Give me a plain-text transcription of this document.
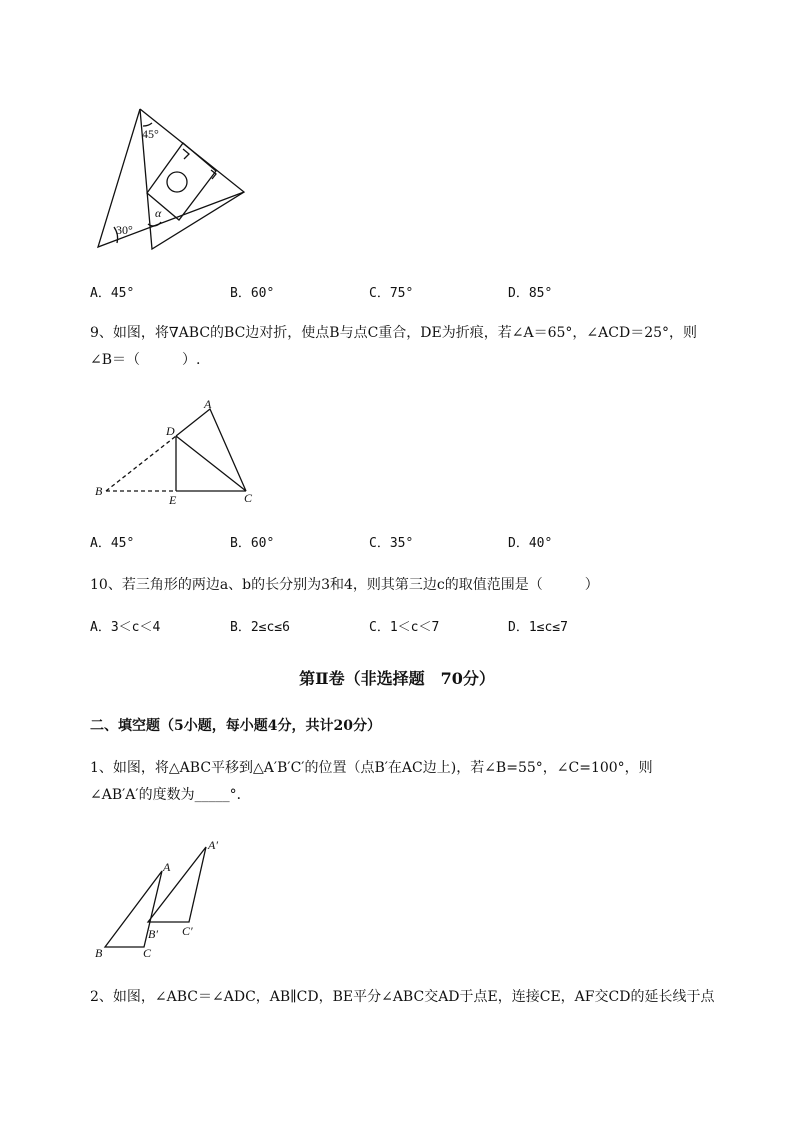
45°
30°
α
A．45°	B．60°	C．75°	D．85°
9、如图，将∇ABC的BC边对折，使点B与点C重合，DE为折痕，若∠A＝65°，∠ACD＝25°，则
∠B＝（　　　）.
A
B	C
D
E
A．45°	B．60°	C．35°	D．40°
10、若三角形的两边a、b的长分别为3和4，则其第三边c的取值范围是（　　　）
A．3＜c＜4	B．2≤c≤6	C．1＜c＜7	D．1≤c≤7
第Ⅱ卷（非选择题　70分）
二、填空题（5小题，每小题4分，共计20分）
1、如图，将△ABC平移到△A′B′C′的位置（点B′在AC边上)，若∠B=55°，∠C=100°，则
∠AB′A′的度数为_____°．
A
A′
B
B′
C
C′
2、如图，∠ABC＝∠ADC，AB∥CD，BE平分∠ABC交AD于点E，连接CE，AF交CD的延长线于点
